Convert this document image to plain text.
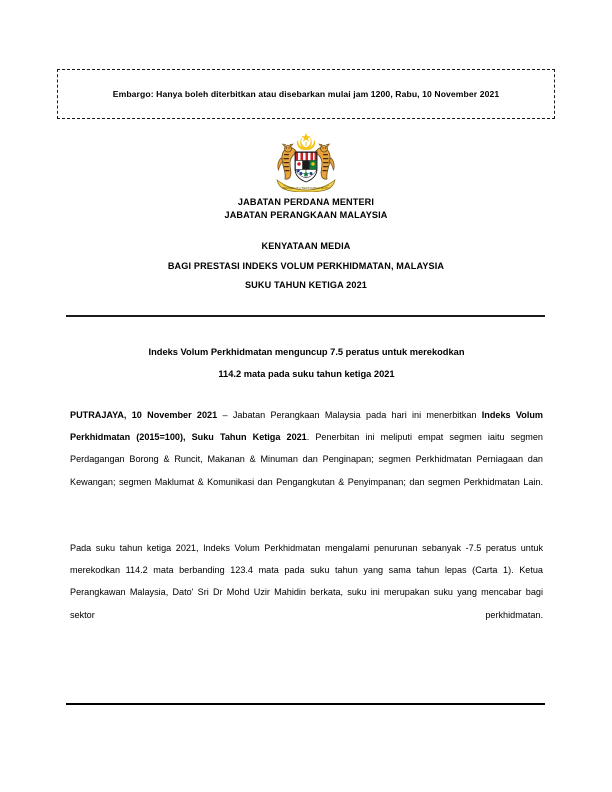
Embargo: Hanya boleh diterbitkan atau disebarkan mulai jam 1200, Rabu, 10 November 2021
BERSEKUTU BERTAMBAH MUTU
JABATAN PERDANA MENTERI
JABATAN PERANGKAAN MALAYSIA
KENYATAAN MEDIA
BAGI PRESTASI INDEKS VOLUM PERKHIDMATAN, MALAYSIA
SUKU TAHUN KETIGA 2021
Indeks Volum Perkhidmatan menguncup 7.5 peratus untuk merekodkan
114.2 mata pada suku tahun ketiga 2021

PUTRAJAYA, 10 November 2021 – Jabatan Perangkaan Malaysia pada hari ini menerbitkan Indeks Volum Perkhidmatan (2015=100), Suku Tahun Ketiga 2021. Penerbitan ini meliputi empat segmen iaitu segmen Perdagangan Borong & Runcit, Makanan & Minuman dan Penginapan; segmen Perkhidmatan Perniagaan dan Kewangan; segmen Maklumat & Komunikasi dan Pengangkutan & Penyimpanan; dan segmen Perkhidmatan Lain.

Pada suku tahun ketiga 2021, Indeks Volum Perkhidmatan mengalami penurunan sebanyak -7.5 peratus untuk merekodkan 114.2 mata berbanding 123.4 mata pada suku tahun yang sama tahun lepas (Carta 1). Ketua Perangkawan Malaysia, Dato' Sri Dr Mohd Uzir Mahidin berkata, suku ini merupakan suku yang mencabar bagi sektor perkhidmatan.
